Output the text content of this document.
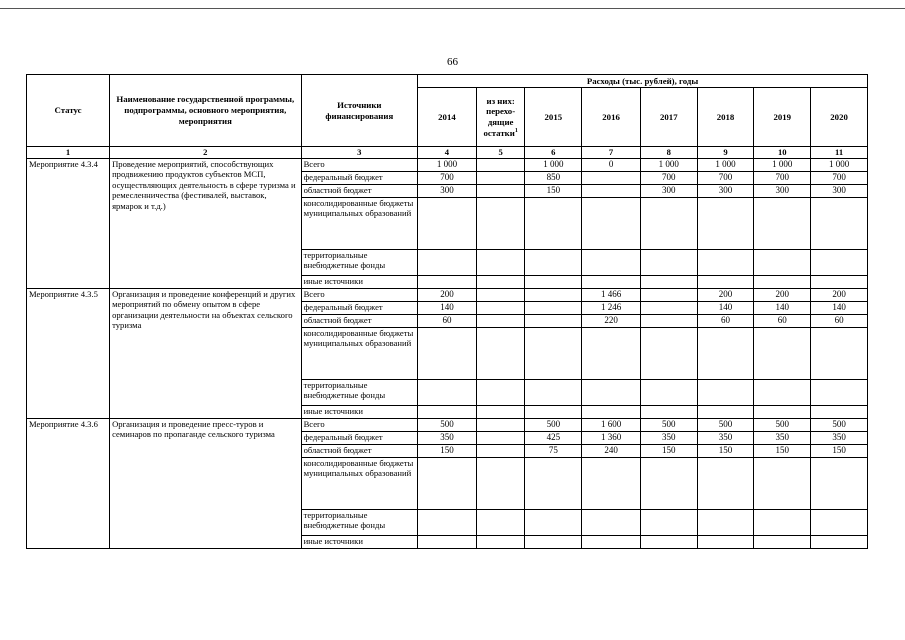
66
Статус	Наименование государственной программы, подпрограммы, основного мероприятия, мероприятия	Источники финансирования	Расходы (тыс. рублей), годы							
			2014	из них: перехо-дящие остатки$^1$	2015	2016	2017	2018	2019	2020
1	2	3	4	5	6	7	8	9	10	11
Мероприятие 4.3.4	Проведение мероприятий, способствующих продвижению продуктов субъектов МСП, осуществляющих деятельность в сфере туризма и ремесленничества (фестивалей, выставок, ярмарок и т.д.)	Всего	1 000		1 000	0	1 000	1 000	1 000	1 000
		федеральный бюджет	700		850		700	700	700	700
		областной бюджет	300		150		300	300	300	300
		консолидированные бюджеты муниципальных образований								
		территориальные внебюджетные фонды								
		иные источники								
Мероприятие 4.3.5	Организация и проведение конференций и других мероприятий по обмену опытом в сфере организации деятельности на объектах сельского туризма	Всего	200			1 466		200	200	200
		федеральный бюджет	140			1 246		140	140	140
		областной бюджет	60			220		60	60	60
		консолидированные бюджеты муниципальных образований								
		территориальные внебюджетные фонды								
		иные источники								
Мероприятие 4.3.6	Организация и проведение пресс-туров и семинаров по пропаганде сельского туризма	Всего	500		500	1 600	500	500	500	500
		федеральный бюджет	350		425	1 360	350	350	350	350
		областной бюджет	150		75	240	150	150	150	150
		консолидированные бюджеты муниципальных образований								
		территориальные внебюджетные фонды								
		иные источники								
